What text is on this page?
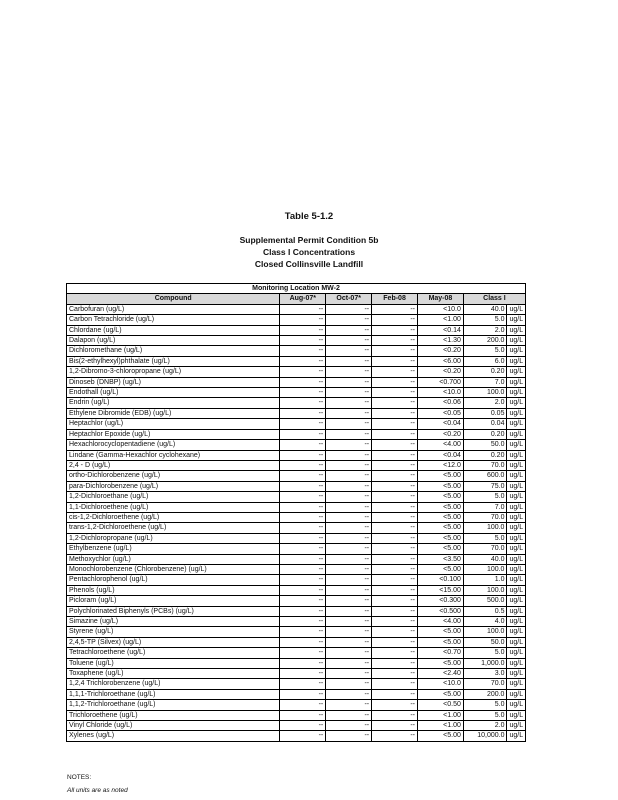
Table 5-1.2
Supplemental Permit Condition 5b
Class I Concentrations
Closed Collinsville Landfill
Monitoring Location MW-2						
Compound	Aug-07*	Oct-07*	Feb-08	May-08	Class I	
Carbofuran (ug/L)	--	--	--	<10.0	40.0	ug/L
Carbon Tetrachloride (ug/L)	--	--	--	<1.00	5.0	ug/L
Chlordane (ug/L)	--	--	--	<0.14	2.0	ug/L
Dalapon (ug/L)	--	--	--	<1.30	200.0	ug/L
Dichloromethane (ug/L)	--	--	--	<0.20	5.0	ug/L
Bis(2-ethylhexyl)phthalate (ug/L)	--	--	--	<6.00	6.0	ug/L
1,2-Dibromo-3-chloropropane (ug/L)	--	--	--	<0.20	0.20	ug/L
Dinoseb (DNBP) (ug/L)	--	--	--	<0.700	7.0	ug/L
Endothall (ug/L)	--	--	--	<10.0	100.0	ug/L
Endrin (ug/L)	--	--	--	<0.06	2.0	ug/L
Ethylene Dibromide (EDB) (ug/L)	--	--	--	<0.05	0.05	ug/L
Heptachlor (ug/L)	--	--	--	<0.04	0.04	ug/L
Heptachlor Epoxide (ug/L)	--	--	--	<0.20	0.20	ug/L
Hexachlorocyclopentadiene (ug/L)	--	--	--	<4.00	50.0	ug/L
Lindane (Gamma-Hexachlor cyclohexane)	--	--	--	<0.04	0.20	ug/L
2,4 - D (ug/L)	--	--	--	<12.0	70.0	ug/L
ortho-Dichlorobenzene (ug/L)	--	--	--	<5.00	600.0	ug/L
para-Dichlorobenzene (ug/L)	--	--	--	<5.00	75.0	ug/L
1,2-Dichloroethane (ug/L)	--	--	--	<5.00	5.0	ug/L
1,1-Dichloroethene (ug/L)	--	--	--	<5.00	7.0	ug/L
cis-1,2-Dichloroethene (ug/L)	--	--	--	<5.00	70.0	ug/L
trans-1,2-Dichloroethene (ug/L)	--	--	--	<5.00	100.0	ug/L
1,2-Dichloropropane (ug/L)	--	--	--	<5.00	5.0	ug/L
Ethylbenzene (ug/L)	--	--	--	<5.00	70.0	ug/L
Methoxychlor (ug/L)	--	--	--	<3.50	40.0	ug/L
Monochlorobenzene (Chlorobenzene) (ug/L)	--	--	--	<5.00	100.0	ug/L
Pentachlorophenol (ug/L)	--	--	--	<0.100	1.0	ug/L
Phenols (ug/L)	--	--	--	<15.00	100.0	ug/L
Picloram (ug/L)	--	--	--	<0.300	500.0	ug/L
Polychlorinated Biphenyls (PCBs) (ug/L)	--	--	--	<0.500	0.5	ug/L
Simazine (ug/L)	--	--	--	<4.00	4.0	ug/L
Styrene (ug/L)	--	--	--	<5.00	100.0	ug/L
2,4,5-TP (Silvex) (ug/L)	--	--	--	<5.00	50.0	ug/L
Tetrachloroethene (ug/L)	--	--	--	<0.70	5.0	ug/L
Toluene (ug/L)	--	--	--	<5.00	1,000.0	ug/L
Toxaphene (ug/L)	--	--	--	<2.40	3.0	ug/L
1,2,4 Trichlorobenzene (ug/L)	--	--	--	<10.0	70.0	ug/L
1,1,1-Trichloroethane (ug/L)	--	--	--	<5.00	200.0	ug/L
1,1,2-Trichloroethane (ug/L)	--	--	--	<0.50	5.0	ug/L
Trichloroethene (ug/L)	--	--	--	<1.00	5.0	ug/L
Vinyl Chloride (ug/L)	--	--	--	<1.00	2.0	ug/L
Xylenes (ug/L)	--	--	--	<5.00	10,000.0	ug/L
NOTES:
All units are as noted
